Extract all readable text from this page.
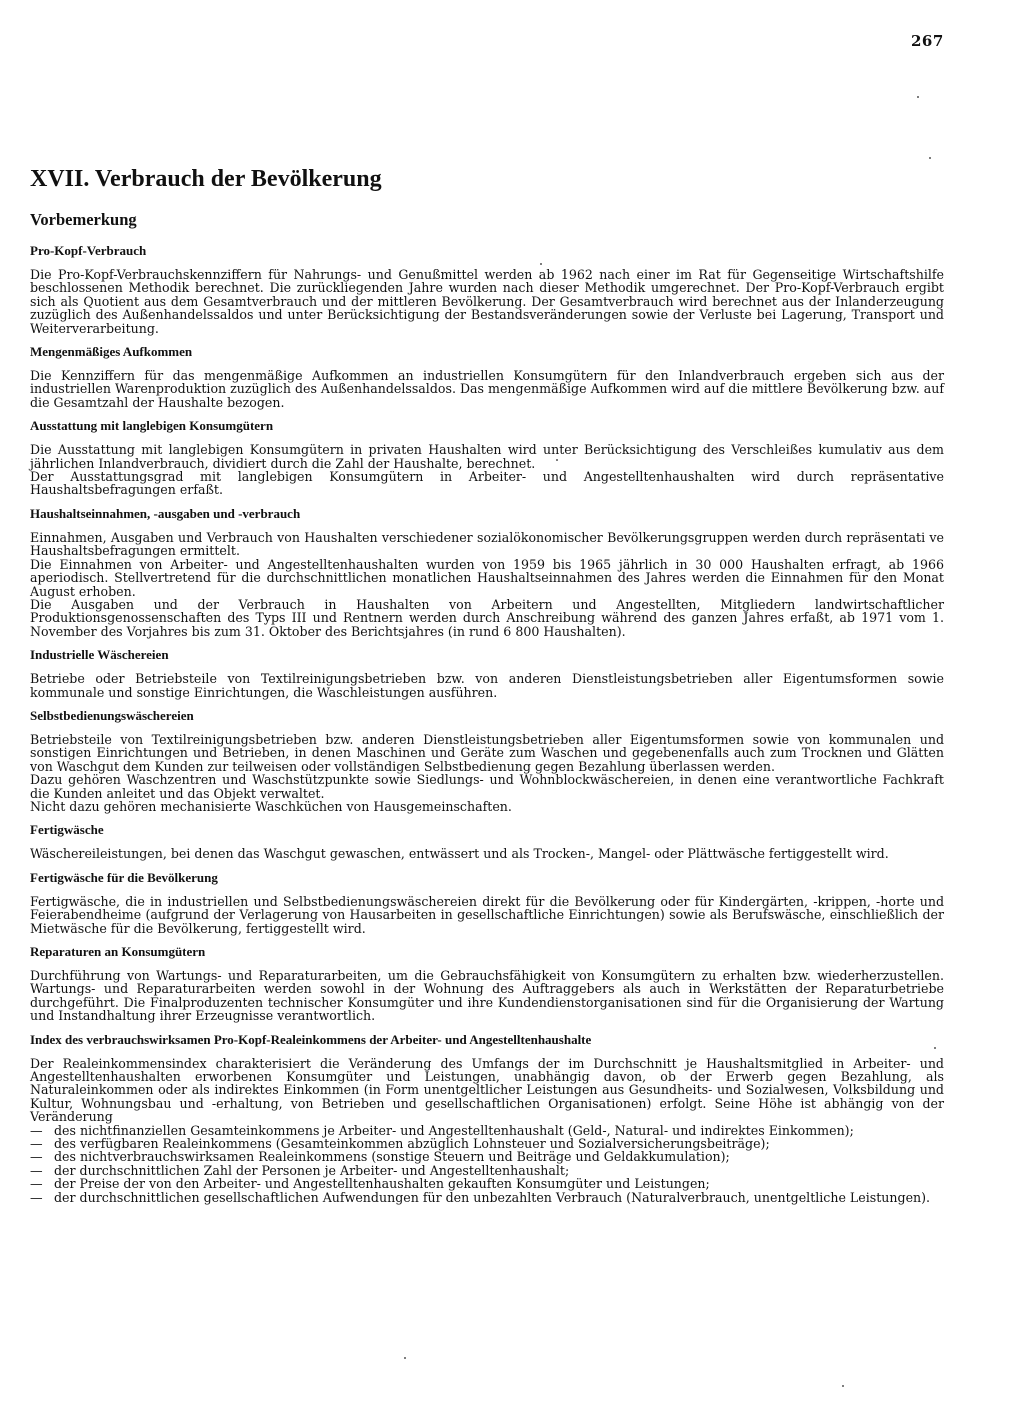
267
XVII. Verbrauch der Bevölkerung
Vorbemerkung
Pro-Kopf-Verbrauch

Die Pro-Kopf-Verbrauchskennziffern für Nahrungs- und Genußmittel werden ab 1962 nach einer im Rat für Gegenseitige Wirtschaftshilfe beschlossenen Methodik berechnet. Die zurückliegenden Jahre wurden nach dieser Methodik umgerechnet. Der Pro-Kopf-Verbrauch ergibt sich als Quotient aus dem Gesamtverbrauch und der mittleren Bevölkerung. Der Gesamtverbrauch wird berechnet aus der Inlanderzeugung zuzüglich des Außenhandelssaldos und unter Berücksichtigung der Bestandsveränderungen sowie der Verluste bei Lagerung, Transport und Weiterverarbeitung.

Mengenmäßiges Aufkommen

Die Kennziffern für das mengenmäßige Aufkommen an industriellen Konsumgütern für den Inlandverbrauch ergeben sich aus der industriellen Warenproduktion zuzüglich des Außenhandelssaldos. Das mengenmäßige Aufkommen wird auf die mittlere Bevölkerung bzw. auf die Gesamtzahl der Haushalte bezogen.

Ausstattung mit langlebigen Konsumgütern

Die Ausstattung mit langlebigen Konsumgütern in privaten Haushalten wird unter Berücksichtigung des Verschleißes kumulativ aus dem jährlichen Inlandverbrauch, dividiert durch die Zahl der Haushalte, berechnet.

Der Ausstattungsgrad mit langlebigen Konsumgütern in Arbeiter- und Angestelltenhaushalten wird durch repräsentative Haushaltsbefragungen erfaßt.

Haushaltseinnahmen, -ausgaben und -verbrauch

Einnahmen, Ausgaben und Verbrauch von Haushalten verschiedener sozialökonomischer Bevölkerungsgruppen werden durch repräsentati ve Haushaltsbefragungen ermittelt.

Die Einnahmen von Arbeiter- und Angestelltenhaushalten wurden von 1959 bis 1965 jährlich in 30 000 Haushalten erfragt, ab 1966 aperiodisch. Stellvertretend für die durchschnittlichen monatlichen Haushaltseinnahmen des Jahres werden die Einnahmen für den Monat August erhoben.

Die Ausgaben und der Verbrauch in Haushalten von Arbeitern und Angestellten, Mitgliedern landwirtschaftlicher Produktionsgenossenschaften des Typs III und Rentnern werden durch Anschreibung während des ganzen Jahres erfaßt, ab 1971 vom 1. November des Vorjahres bis zum 31. Oktober des Berichtsjahres (in rund 6 800 Haushalten).

Industrielle Wäschereien

Betriebe oder Betriebsteile von Textilreinigungsbetrieben bzw. von anderen Dienstleistungsbetrieben aller Eigentumsformen sowie kommunale und sonstige Einrichtungen, die Waschleistungen ausführen.

Selbstbedienungswäschereien

Betriebsteile von Textilreinigungsbetrieben bzw. anderen Dienstleistungsbetrieben aller Eigentumsformen sowie von kommunalen und sonstigen Einrichtungen und Betrieben, in denen Maschinen und Geräte zum Waschen und gegebenenfalls auch zum Trocknen und Glätten von Waschgut dem Kunden zur teilweisen oder vollständigen Selbstbedienung gegen Bezahlung überlassen werden.

Dazu gehören Waschzentren und Waschstützpunkte sowie Siedlungs- und Wohnblockwäschereien, in denen eine verantwortliche Fachkraft die Kunden anleitet und das Objekt verwaltet.

Nicht dazu gehören mechanisierte Waschküchen von Hausgemeinschaften.

Fertigwäsche

Wäschereileistungen, bei denen das Waschgut gewaschen, entwässert und als Trocken-, Mangel- oder Plättwäsche fertiggestellt wird.

Fertigwäsche für die Bevölkerung

Fertigwäsche, die in industriellen und Selbstbedienungswäschereien direkt für die Bevölkerung oder für Kindergärten, -krippen, -horte und Feierabendheime (aufgrund der Verlagerung von Hausarbeiten in gesellschaftliche Einrichtungen) sowie als Berufswäsche, einschließlich der Mietwäsche für die Bevölkerung, fertiggestellt wird.

Reparaturen an Konsumgütern

Durchführung von Wartungs- und Reparaturarbeiten, um die Gebrauchsfähigkeit von Konsumgütern zu erhalten bzw. wiederherzustellen. Wartungs- und Reparaturarbeiten werden sowohl in der Wohnung des Auftraggebers als auch in Werkstätten der Reparaturbetriebe durchgeführt. Die Finalproduzenten technischer Konsumgüter und ihre Kundendienstorganisationen sind für die Organisierung der Wartung und Instandhaltung ihrer Erzeugnisse verantwortlich.

Index des verbrauchswirksamen Pro-Kopf-Realeinkommens der Arbeiter- und Angestelltenhaushalte

Der Realeinkommensindex charakterisiert die Veränderung des Umfangs der im Durchschnitt je Haushaltsmitglied in Arbeiter- und Angestelltenhaushalten erworbenen Konsumgüter und Leistungen, unabhängig davon, ob der Erwerb gegen Bezahlung, als Naturaleinkommen oder als indirektes Einkommen (in Form unentgeltlicher Leistungen aus Gesundheits- und Sozialwesen, Volksbildung und Kultur, Wohnungsbau und -erhaltung, von Betrieben und gesellschaftlichen Organisationen) erfolgt. Seine Höhe ist abhängig von der Veränderung

— des nichtfinanziellen Gesamteinkommens je Arbeiter- und Angestelltenhaushalt (Geld-, Natural- und indirektes Einkommen);
— des verfügbaren Realeinkommens (Gesamteinkommen abzüglich Lohnsteuer und Sozialversicherungsbeiträge);
— des nichtverbrauchswirksamen Realeinkommens (sonstige Steuern und Beiträge und Geldakkumulation);
— der durchschnittlichen Zahl der Personen je Arbeiter- und Angestelltenhaushalt;
— der Preise der von den Arbeiter- und Angestelltenhaushalten gekauften Konsumgüter und Leistungen;
— der durchschnittlichen gesellschaftlichen Aufwendungen für den unbezahlten Verbrauch (Naturalverbrauch, unentgeltliche Leistungen).
